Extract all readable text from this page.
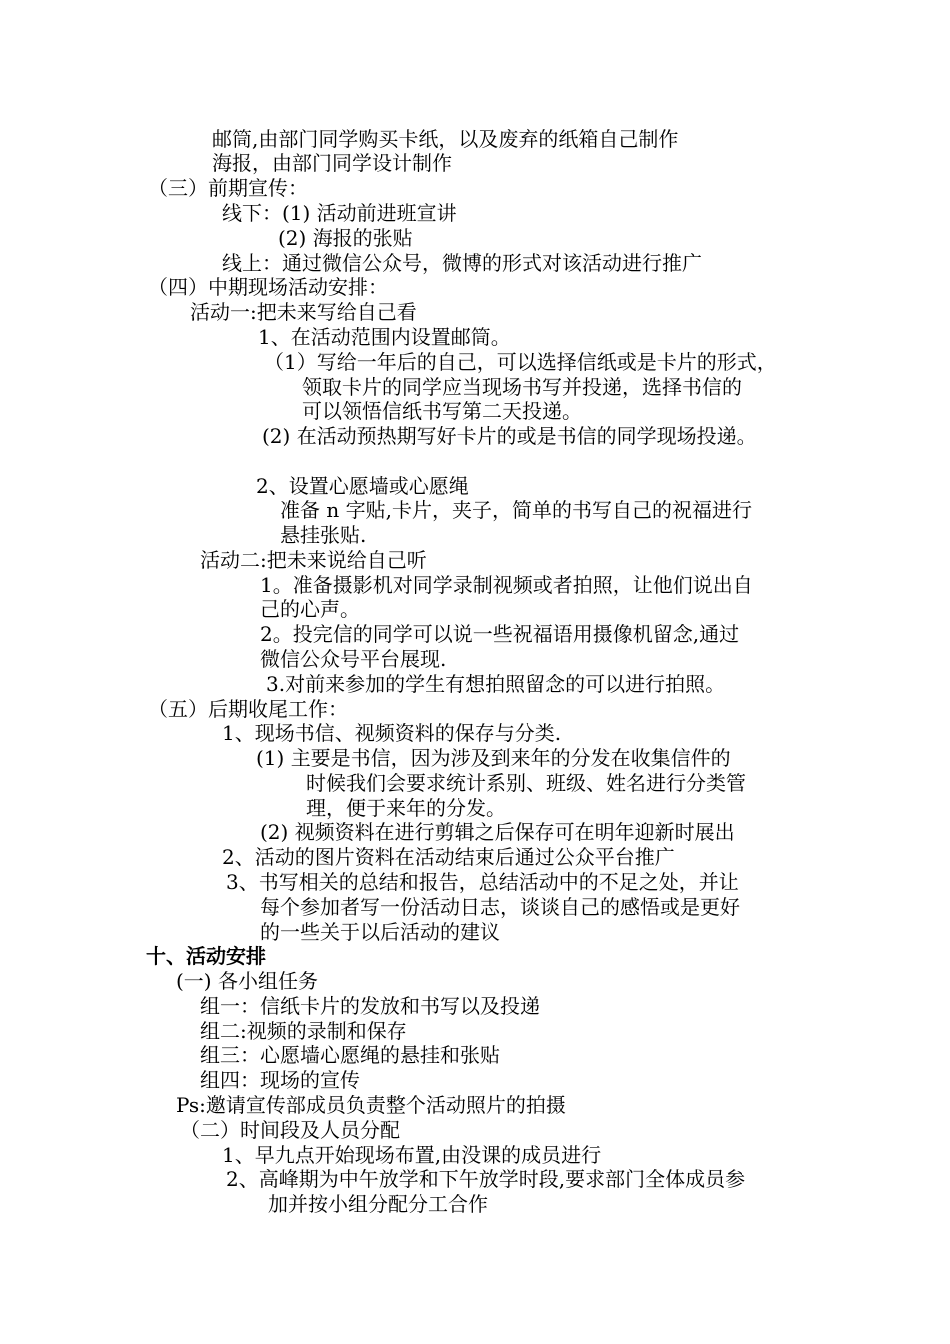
邮筒,由部门同学购买卡纸，以及废弃的纸箱自己制作
海报，由部门同学设计制作
（三）前期宣传：
线下：(1) 活动前进班宣讲
(2) 海报的张贴
线上：通过微信公众号，微博的形式对该活动进行推广
（四）中期现场活动安排：
活动一:把未来写给自己看
1、在活动范围内设置邮筒。
（1）写给一年后的自己，可以选择信纸或是卡片的形式，
领取卡片的同学应当现场书写并投递，选择书信的
可以领悟信纸书写第二天投递。
(2) 在活动预热期写好卡片的或是书信的同学现场投递。
2、设置心愿墙或心愿绳
准备 n 字贴,卡片，夹子，简单的书写自己的祝福进行
悬挂张贴.
活动二:把未来说给自己听
1。准备摄影机对同学录制视频或者拍照，让他们说出自
己的心声。
2。投完信的同学可以说一些祝福语用摄像机留念,通过
微信公众号平台展现.
3.对前来参加的学生有想拍照留念的可以进行拍照。
（五）后期收尾工作：
1、现场书信、视频资料的保存与分类.
(1) 主要是书信，因为涉及到来年的分发在收集信件的
时候我们会要求统计系别、班级、姓名进行分类管
理，便于来年的分发。
(2) 视频资料在进行剪辑之后保存可在明年迎新时展出
2、活动的图片资料在活动结束后通过公众平台推广
3、书写相关的总结和报告，总结活动中的不足之处，并让
每个参加者写一份活动日志，谈谈自己的感悟或是更好
的一些关于以后活动的建议
十、活动安排
(一) 各小组任务
组一：信纸卡片的发放和书写以及投递
组二:视频的录制和保存
组三：心愿墙心愿绳的悬挂和张贴
组四：现场的宣传
Ps:邀请宣传部成员负责整个活动照片的拍摄
（二）时间段及人员分配
1、早九点开始现场布置,由没课的成员进行
2、高峰期为中午放学和下午放学时段,要求部门全体成员参
加并按小组分配分工合作
